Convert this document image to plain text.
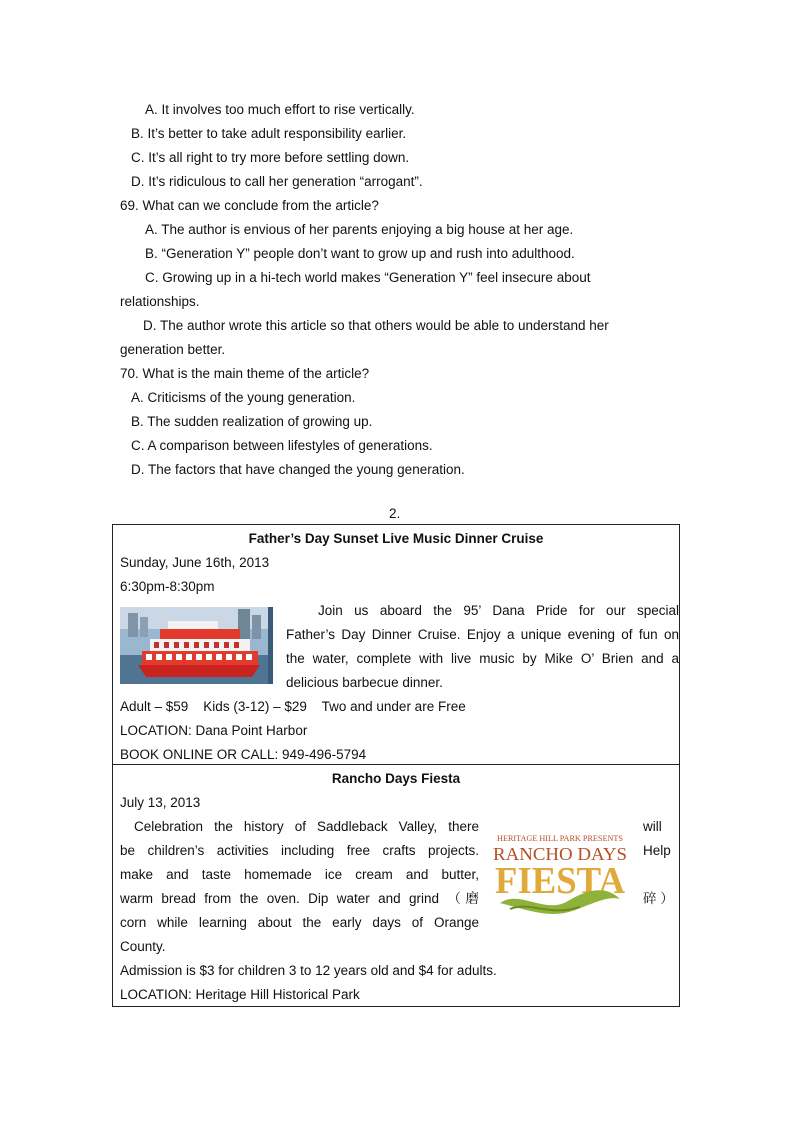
A. It involves too much effort to rise vertically.
B. It’s better to take adult responsibility earlier.
C. It’s all right to try more before settling down.
D. It’s ridiculous to call her generation “arrogant”.
69. What can we conclude from the article?
A. The author is envious of her parents enjoying a big house at her age.
B. “Generation Y” people don’t want to grow up and rush into adulthood.
C. Growing up in a hi-tech world makes “Generation Y” feel insecure about
relationships.
D. The author wrote this article so that others would be able to understand her
generation better.
70. What is the main theme of the article?
A. Criticisms of the young generation.
B. The sudden realization of growing up.
C. A comparison between lifestyles of generations.
D. The factors that have changed the young generation.
2.
Father’s Day Sunset Live Music Dinner Cruise
Sunday, June 16th, 2013
6:30pm-8:30pm
Join us aboard the 95’ Dana Pride for our special
Father’s Day Dinner Cruise. Enjoy a unique evening of fun on
the water, complete with live music by Mike O’ Brien and a
delicious barbecue dinner.
Adult – $59    Kids (3-12) – $29    Two and under are Free
LOCATION: Dana Point Harbor
BOOK ONLINE OR CALL: 949-496-5794
Rancho Days Fiesta
July 13, 2013
Celebration the history of Saddleback Valley, there
be children’s activities including free crafts projects.
make and taste homemade ice cream and butter,
warm bread from the oven. Dip water and grind （磨
corn while learning about the early days of Orange
will
Help
碎 ）
HERITAGE HILL PARK PRESENTS
RANCHO DAYS
FIESTA
County.
Admission is $3 for children 3 to 12 years old and $4 for adults.
LOCATION: Heritage Hill Historical Park
